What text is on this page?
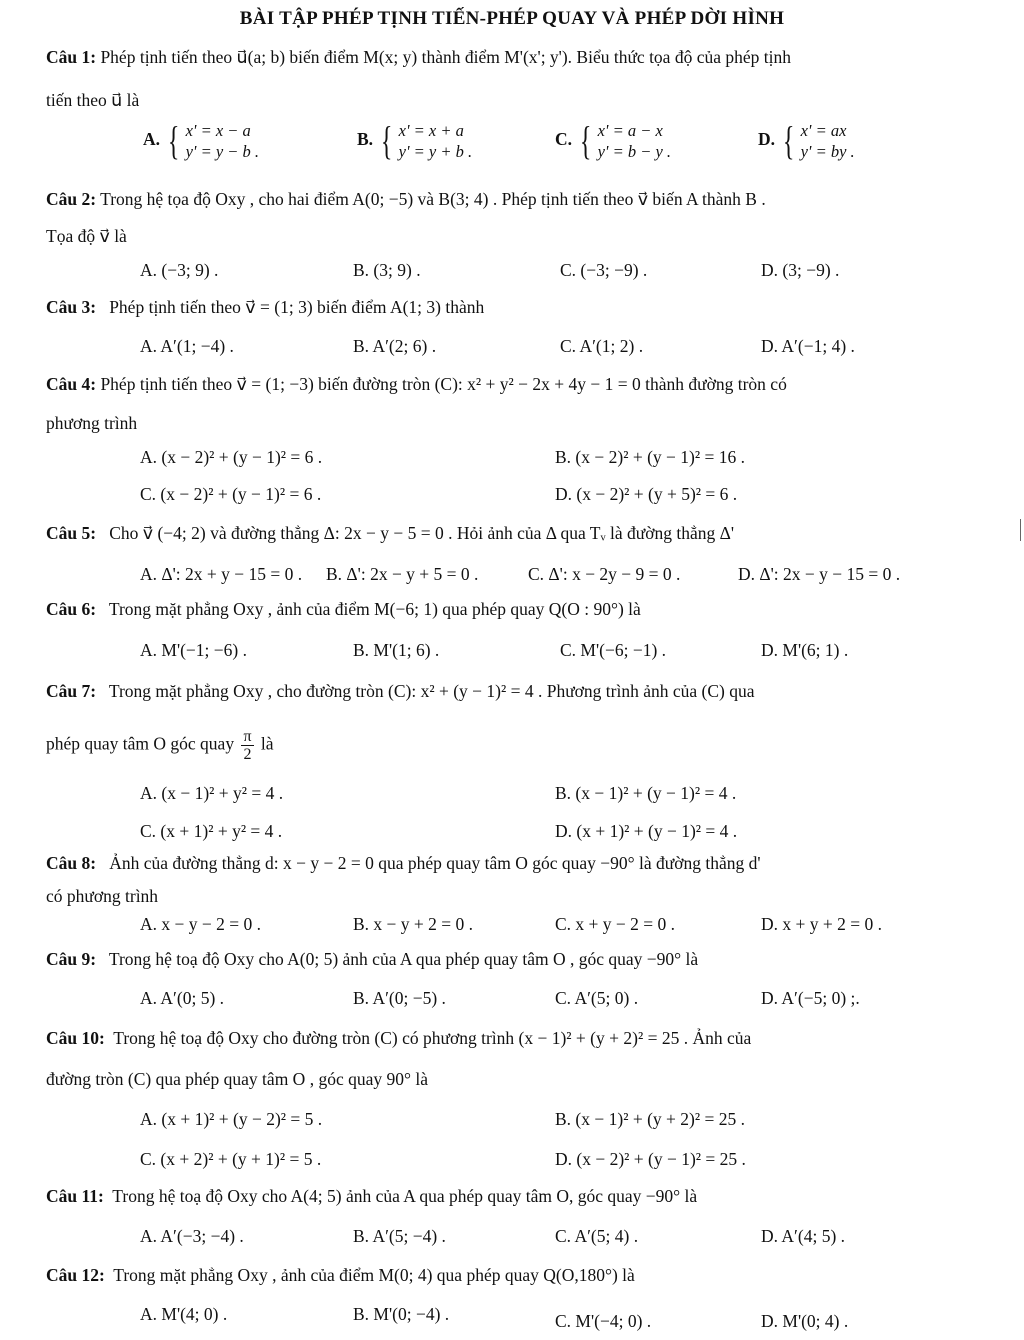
BÀI TẬP PHÉP TỊNH TIẾN-PHÉP QUAY VÀ PHÉP DỜI HÌNH
Câu 1: Phép tịnh tiến theo u⃗(a; b) biến điểm M(x; y) thành điểm M'(x'; y'). Biểu thức tọa độ của phép tịnh
tiến theo u⃗ là
A. { x' = x − a
y' = y − b .
B. { x' = x + a
y' = y + b .
C. { x' = a − x
y' = b − y .
D. { x' = ax
y' = by .
Câu 2: Trong hệ tọa độ Oxy , cho hai điểm A(0; −5) và B(3; 4) . Phép tịnh tiến theo v⃗ biến A thành B .
Tọa độ v⃗ là
A. (−3; 9) .	B. (3; 9) .	C. (−3; −9) .	D. (3; −9) .
Câu 3: Phép tịnh tiến theo v⃗ = (1; 3) biến điểm A(1; 3) thành
A. A′(1; −4) .	B. A′(2; 6) .	C. A′(1; 2) .	D. A′(−1; 4) .
Câu 4: Phép tịnh tiến theo v⃗ = (1; −3) biến đường tròn (C): x² + y² − 2x + 4y − 1 = 0 thành đường tròn có
phương trình
A. (x − 2)² + (y − 1)² = 6 .	B. (x − 2)² + (y − 1)² = 16 .
C. (x − 2)² + (y − 1)² = 6 .	D. (x − 2)² + (y + 5)² = 6 .
Câu 5: Cho v⃗ (−4; 2) và đường thẳng Δ: 2x − y − 5 = 0 . Hỏi ảnh của Δ qua Tᵥ là đường thẳng Δ'
A. Δ': 2x + y − 15 = 0 . B. Δ': 2x − y + 5 = 0 .	C. Δ': x − 2y − 9 = 0 .	D. Δ': 2x − y − 15 = 0 .
Câu 6: Trong mặt phẳng Oxy , ảnh của điểm M(−6; 1) qua phép quay Q(O : 90°) là
A. M'(−1; −6) .	B. M'(1; 6) .	C. M'(−6; −1) .	D. M'(6; 1) .
Câu 7: Trong mặt phẳng Oxy , cho đường tròn (C): x² + (y − 1)² = 4 . Phương trình ảnh của (C) qua
phép quay tâm O góc quay $\frac{\pi}{2}$ là
A. (x − 1)² + y² = 4 .	B. (x − 1)² + (y − 1)² = 4 .
C. (x + 1)² + y² = 4 .	D. (x + 1)² + (y − 1)² = 4 .
Câu 8: Ảnh của đường thẳng d: x − y − 2 = 0 qua phép quay tâm O góc quay −90° là đường thẳng d'
có phương trình
A. x − y − 2 = 0 .	B. x − y + 2 = 0 .	C. x + y − 2 = 0 .	D. x + y + 2 = 0 .
Câu 9: Trong hệ toạ độ Oxy cho A(0; 5) ảnh của A qua phép quay tâm O , góc quay −90° là
A. A′(0; 5) .	B. A′(0; −5) .	C. A′(5; 0) .	D. A′(−5; 0) ;.
Câu 10: Trong hệ toạ độ Oxy cho đường tròn (C) có phương trình (x − 1)² + (y + 2)² = 25 . Ảnh của
đường tròn (C) qua phép quay tâm O , góc quay 90° là
A. (x + 1)² + (y − 2)² = 5 .	B. (x − 1)² + (y + 2)² = 25 .
C. (x + 2)² + (y + 1)² = 5 .	D. (x − 2)² + (y − 1)² = 25 .
Câu 11: Trong hệ toạ độ Oxy cho A(4; 5) ảnh của A qua phép quay tâm O, góc quay −90° là
A. A′(−3; −4) .	B. A′(5; −4) .	C. A′(5; 4) .	D. A′(4; 5) .
Câu 12: Trong mặt phẳng Oxy , ảnh của điểm M(0; 4) qua phép quay Q(O,180°) là
A. M'(4; 0) .	B. M'(0; −4) .	C. M'(−4; 0) .	D. M'(0; 4) .
